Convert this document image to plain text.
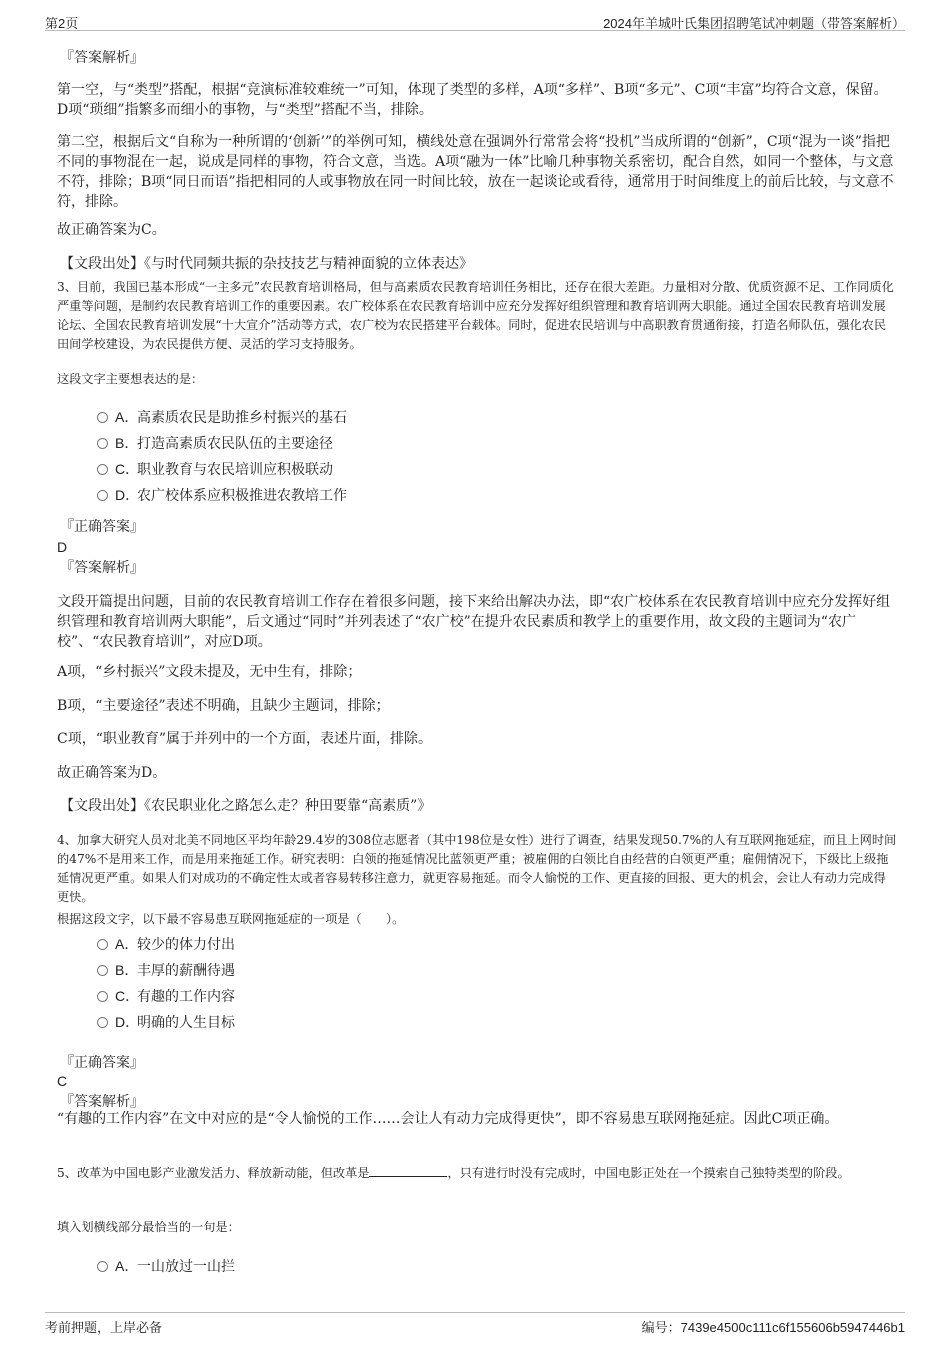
第2页	2024年羊城叶氏集团招聘笔试冲刺题（带答案解析）
『答案解析』
第一空，与“类型”搭配，根据“竞演标准较难统一”可知，体现了类型的多样，A项“多样”、B项“多元”、C项“丰富”均符合文意，保留。D项“琐细”指繁多而细小的事物，与“类型”搭配不当，排除。
第二空，根据后文“自称为一种所谓的‘创新’”的举例可知，横线处意在强调外行常常会将“投机”当成所谓的“创新”，C项“混为一谈”指把不同的事物混在一起，说成是同样的事物，符合文意，当选。A项“融为一体”比喻几种事物关系密切，配合自然，如同一个整体，与文意不符，排除；B项“同日而语”指把相同的人或事物放在同一时间比较，放在一起谈论或看待，通常用于时间维度上的前后比较，与文意不符，排除。
故正确答案为C。
【文段出处】《与时代同频共振的杂技技艺与精神面貌的立体表达》
3、目前，我国已基本形成“一主多元”农民教育培训格局，但与高素质农民教育培训任务相比，还存在很大差距。力量相对分散、优质资源不足、工作同质化严重等问题，是制约农民教育培训工作的重要因素。农广校体系在农民教育培训中应充分发挥好组织管理和教育培训两大职能。通过全国农民教育培训发展论坛、全国农民教育培训发展“十大宣介”活动等方式，农广校为农民搭建平台载体。同时，促进农民培训与中高职教育贯通衔接，打造名师队伍，强化农民田间学校建设，为农民提供方便、灵活的学习支持服务。
这段文字主要想表达的是：
A．高素质农民是助推乡村振兴的基石
B．打造高素质农民队伍的主要途径
C．职业教育与农民培训应积极联动
D．农广校体系应积极推进农教培工作
『正确答案』
D
『答案解析』
文段开篇提出问题，目前的农民教育培训工作存在着很多问题，接下来给出解决办法，即“农广校体系在农民教育培训中应充分发挥好组织管理和教育培训两大职能”，后文通过“同时”并列表述了“农广校”在提升农民素质和教学上的重要作用，故文段的主题词为“农广校”、“农民教育培训”，对应D项。
A项，“乡村振兴”文段未提及，无中生有，排除；
B项，“主要途径”表述不明确，且缺少主题词，排除；
C项，“职业教育”属于并列中的一个方面，表述片面，排除。
故正确答案为D。
【文段出处】《农民职业化之路怎么走？种田要靠“高素质”》
4、加拿大研究人员对北美不同地区平均年龄29.4岁的308位志愿者（其中198位是女性）进行了调查，结果发现50.7%的人有互联网拖延症，而且上网时间的47%不是用来工作，而是用来拖延工作。研究表明：白领的拖延情况比蓝领更严重；被雇佣的白领比自由经营的白领更严重；雇佣情况下，下级比上级拖延情况更严重。如果人们对成功的不确定性太或者容易转移注意力，就更容易拖延。而令人愉悦的工作、更直接的回报、更大的机会，会让人有动力完成得更快。
根据这段文字，以下最不容易患互联网拖延症的一项是（　　）。
A．较少的体力付出
B．丰厚的薪酬待遇
C．有趣的工作内容
D．明确的人生目标
『正确答案』
C
『答案解析』
“有趣的工作内容”在文中对应的是“令人愉悦的工作……会让人有动力完成得更快”，即不容易患互联网拖延症。因此C项正确。
5、改革为中国电影产业激发活力、释放新动能，但改革是	，只有进行时没有完成时，中国电影正处在一个摸索自己独特类型的阶段。
填入划横线部分最恰当的一句是：
A．一山放过一山拦
考前押题，上岸必备	编号：7439e4500c111c6f155606b5947446b1
